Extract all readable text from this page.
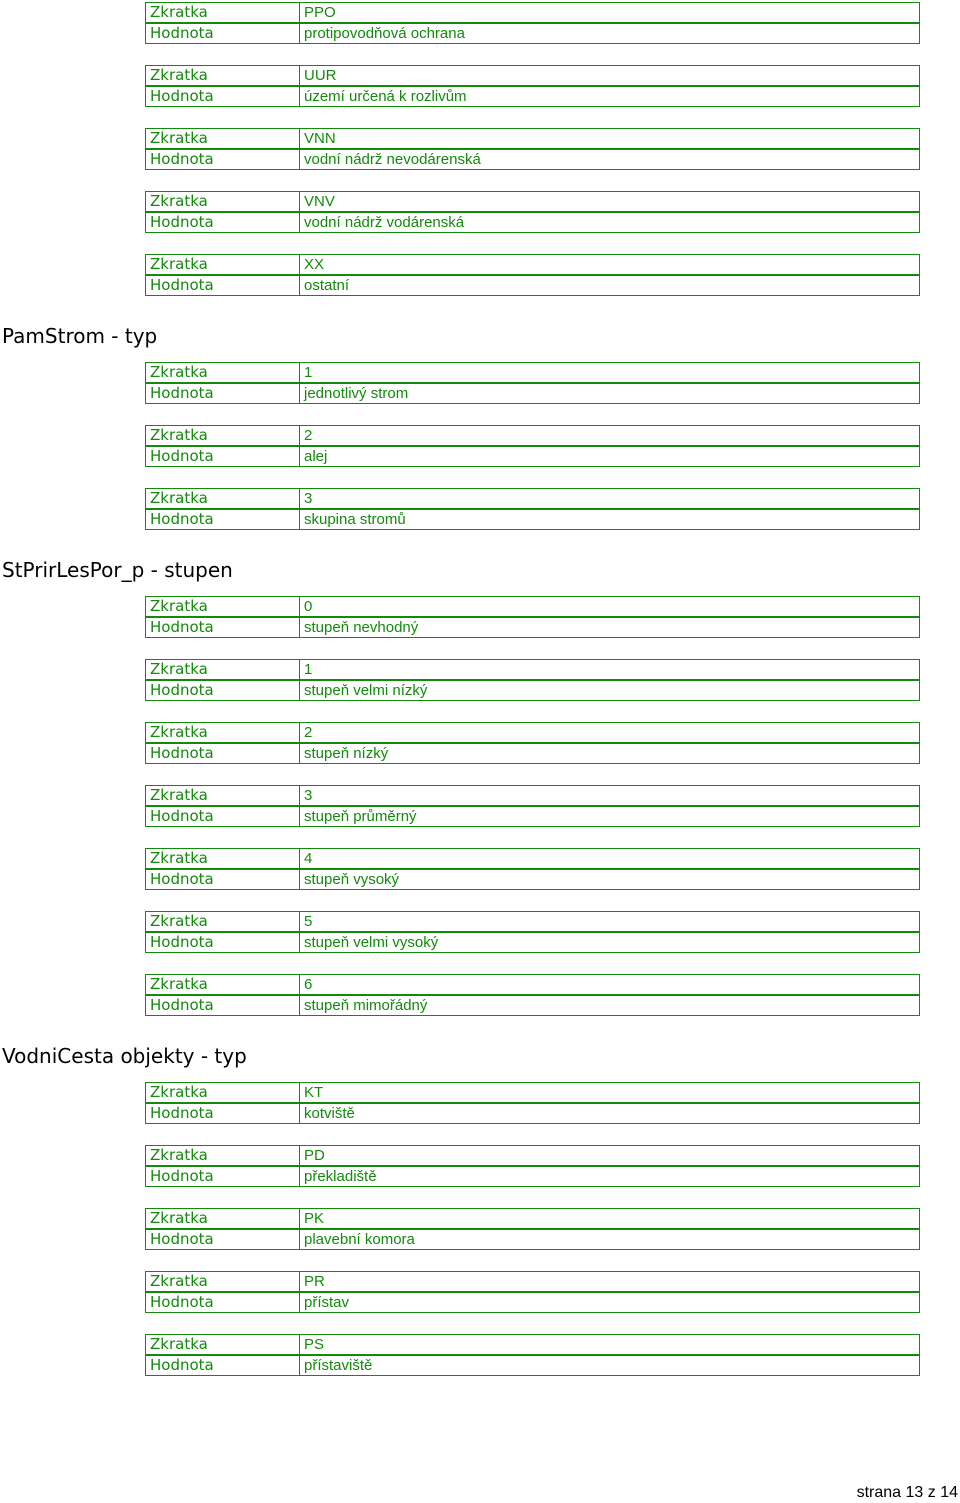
Zkratka	PPO
Hodnota	protipovodňová ochrana
Zkratka	UUR
Hodnota	území určená k rozlivům
Zkratka	VNN
Hodnota	vodní nádrž nevodárenská
Zkratka	VNV
Hodnota	vodní nádrž vodárenská
Zkratka	XX
Hodnota	ostatní
PamStrom - typ
Zkratka	1
Hodnota	jednotlivý strom
Zkratka	2
Hodnota	alej
Zkratka	3
Hodnota	skupina stromů
StPrirLesPor_p - stupen
Zkratka	0
Hodnota	stupeň nevhodný
Zkratka	1
Hodnota	stupeň velmi nízký
Zkratka	2
Hodnota	stupeň nízký
Zkratka	3
Hodnota	stupeň průměrný
Zkratka	4
Hodnota	stupeň vysoký
Zkratka	5
Hodnota	stupeň velmi vysoký
Zkratka	6
Hodnota	stupeň mimořádný
VodniCesta objekty - typ
Zkratka	KT
Hodnota	kotviště
Zkratka	PD
Hodnota	překladiště
Zkratka	PK
Hodnota	plavební komora
Zkratka	PR
Hodnota	přístav
Zkratka	PS
Hodnota	přístaviště
strana 13 z 14
